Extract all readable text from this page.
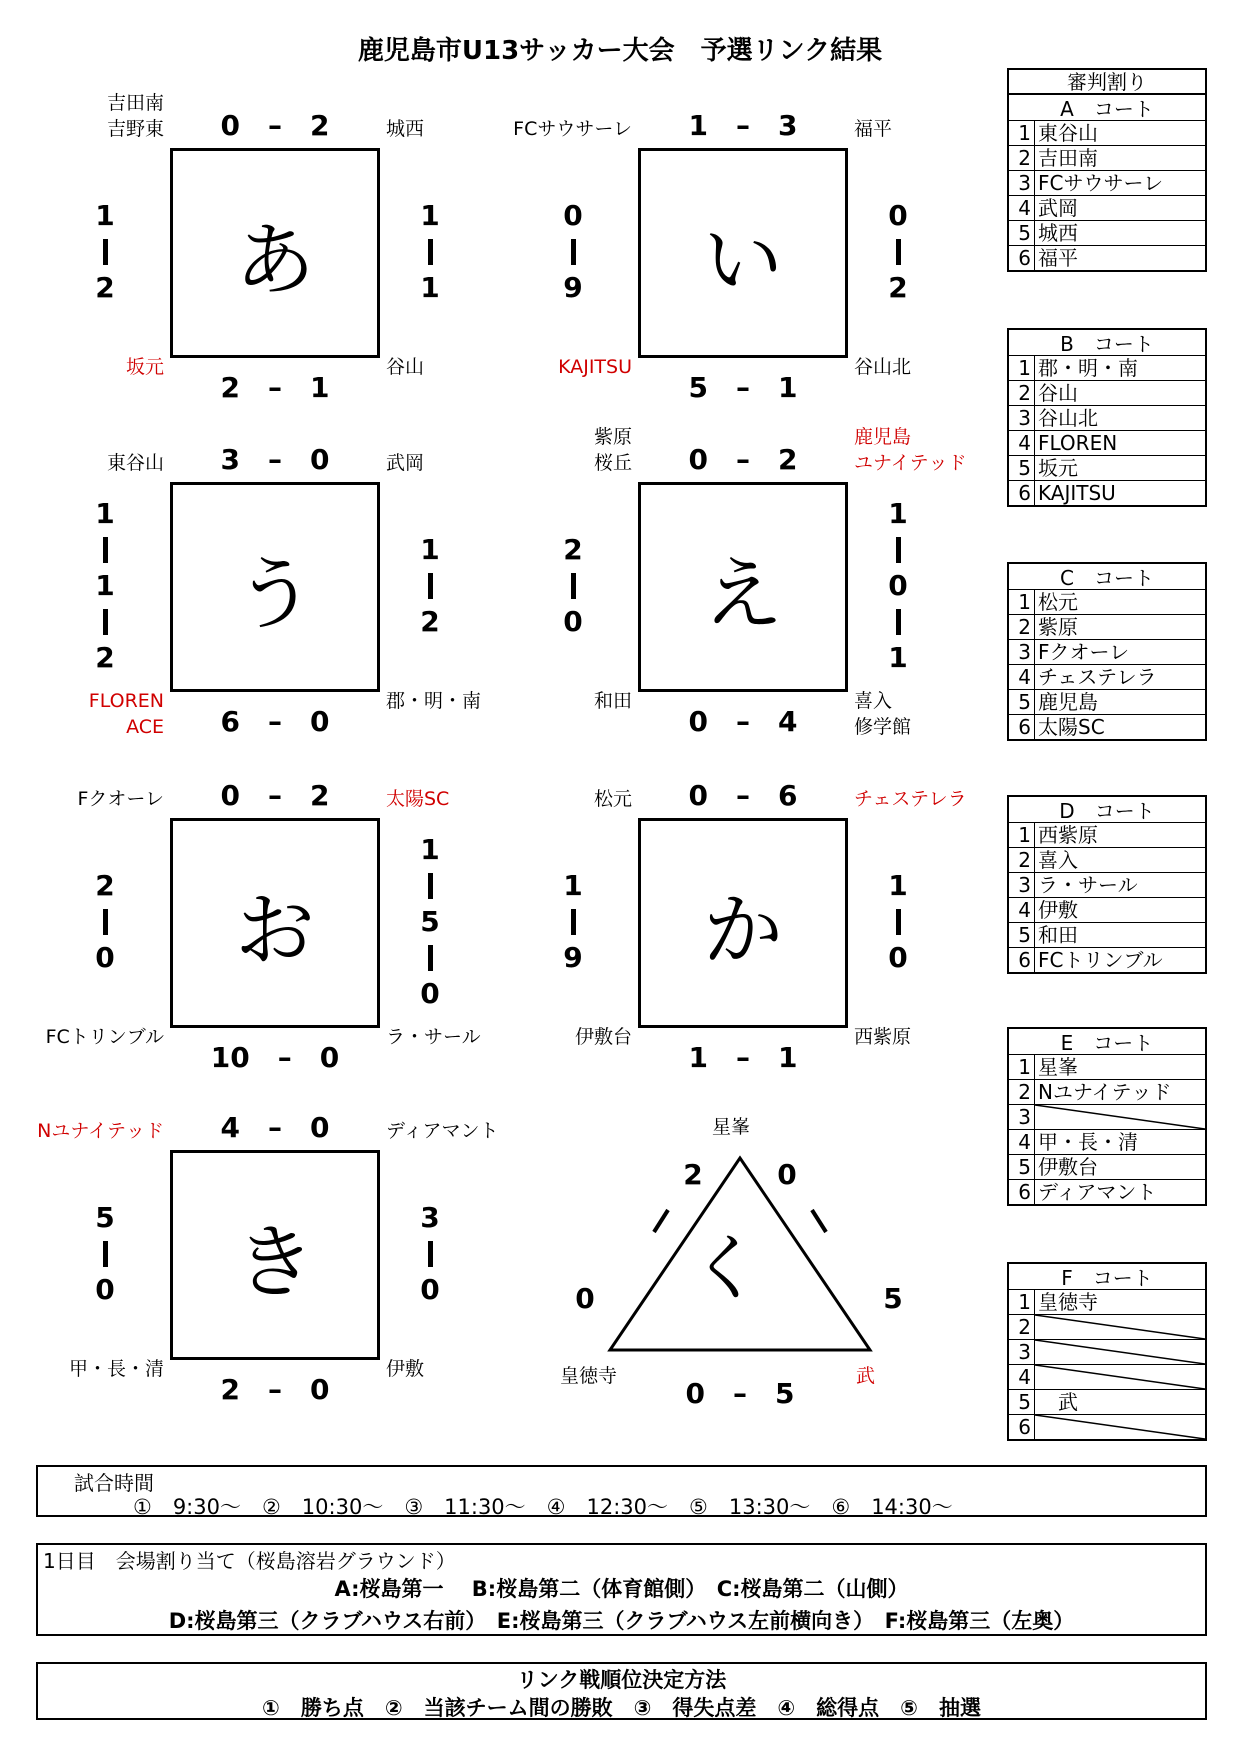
鹿児島市U13サッカー大会　予選リンク結果
あ
0　–　2
2　–　1
吉田南
吉野東	城西
坂元	谷山
1
2
1
1	い
1　–　3
5　–　1
FCサウサーレ	福平
KAJITSU	谷山北
0
9
0
2
う
3　–　0
6　–　0
東谷山	武岡
FLOREN
ACE
郡・明・南
1
1
2
1
2	え
0　–　2
0　–　4
紫原
桜丘
鹿児島
ユナイテッド
和田	喜入
修学館
2
0
1
0
1
お
0　–　2
10　–　0
Fクオーレ	太陽SC
FCトリンブル	ラ・サール
2
0
1
5
0
か
0　–　6
1　–　1
松元	チェステレラ
伊敷台	西紫原
1
9
1
0
き
4　–　0
2　–　0
Nユナイテッド	ディアマント
甲・長・清	伊敷
5
0
3
0	く
星峯
皇徳寺	武
2	0
0	5
0　–　5
審判割り
A　コート
1 東谷山
2 吉田南
3 FCサウサーレ
4 武岡
5 城西
6 福平
B　コート
1 郡・明・南
2 谷山
3 谷山北
4 FLOREN
5 坂元
6 KAJITSU
C　コート
1 松元
2 紫原
3 Fクオーレ
4 チェステレラ
5 鹿児島
6 太陽SC
D　コート
1 西紫原
2 喜入
3 ラ・サール
4 伊敷
5 和田
6 FCトリンブル
E　コート
1 星峯
2 Nユナイテッド
3
4 甲・長・清
5 伊敷台
6 ディアマント
F　コート
1 皇徳寺
2
3
4
5 　武
6
試合時間
①　9:30～　②　10:30～　③　11:30～　④　12:30～　⑤　13:30～　⑥　14:30～
1日目　会場割り当て（桜島溶岩グラウンド）
A:桜島第一　 B:桜島第二（体育館側）　C:桜島第二（山側）
D:桜島第三（クラブハウス右前）　E:桜島第三（クラブハウス左前横向き）　F:桜島第三（左奥）
リンク戦順位決定方法
①　勝ち点　②　当該チーム間の勝敗　③　得失点差　④　総得点　⑤　抽選
